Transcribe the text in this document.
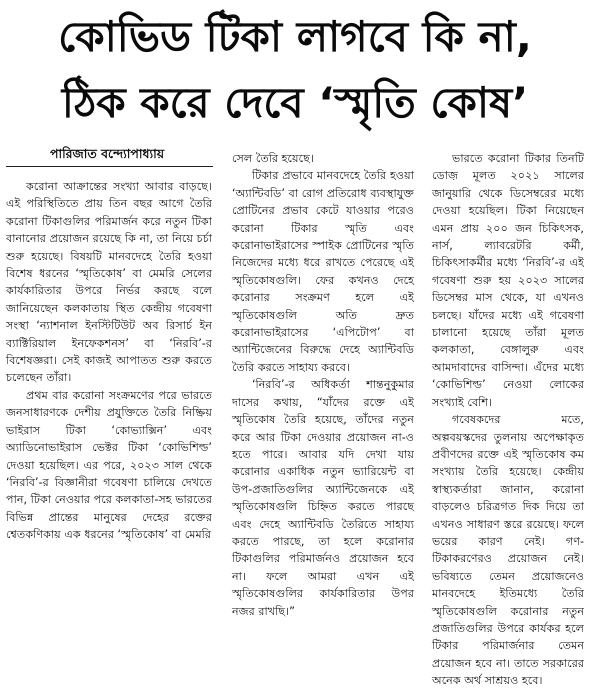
কোভিড টিকা লাগবে কি না,
ঠিক করে দেবে ‘স্মৃতি কোষ’
পারিজাত বন্দ্যোপাধ্যায়

করোনা আক্রান্তের সংখ্যা আবার বাড়ছে। এই পরিস্থিতিতে প্রায় তিন বছর আগে তৈরি করোনা টিকাগুলির পরিমার্জন করে নতুন টিকা বানানোর প্রয়োজন রয়েছে কি না, তা নিয়ে চর্চা শুরু হয়েছে। বিষয়টি মানবদেহে তৈরি হওয়া বিশেষ ধরনের ‘স্মৃতিকোষ’ বা মেমরি সেলের কার্যকারিতার উপরে নির্ভর করছে বলে জানিয়েছেন কলকাতায় স্থিত কেন্দ্রীয় গবেষণা সংস্থা ‘ন্যাশনাল ইনস্টিটিউট অব রিসার্চ ইন ব্যাক্টিরিয়াল ইনফেকশনস’ বা ‘নিরবি’-র বিশেষজ্ঞরা। সেই কাজই আপাতত শুরু করতে চলেছেন তাঁরা।

প্রথম বার করোনা সংক্রমণের পরে ভারতে জনসাধারণকে দেশীয় প্রযুক্তিতে তৈরি নিষ্ক্রিয় ভাইরাস টিকা ‘কোভ্যাক্সিন’ এবং অ্যাডিনোভাইরাস ভেক্টর টিকা ‘কোভিশিল্ড’ দেওয়া হয়েছিল। এর পরে, ২০২৩ সাল থেকে ‘নিরবি’-র বিজ্ঞানীরা গবেষণা চালিয়ে দেখতে পান, টিকা নেওয়ার পরে কলকাতা-সহ ভারতের বিভিন্ন প্রান্তের মানুষের দেহের রক্তের শ্বেতকণিকায় এক ধরনের ‘স্মৃতিকোষ’ বা মেমরি

সেল তৈরি হয়েছে।

টিকার প্রভাবে মানবদেহে তৈরি হওয়া ‘অ্যান্টিবডি’ বা রোগ প্রতিরোধ ব্যবস্থাযুক্ত প্রোটিনের প্রভাব কেটে যাওয়ার পরেও করোনা টিকার স্মৃতি এবং করোনাভাইরাসের স্পাইক প্রোটিনের স্মৃতি নিজেদের মধ্যে ধরে রাখতে পেরেছে এই স্মৃতিকোষগুলি। ফের কখনও দেহে করোনার সংক্রমণ হলে এই স্মৃতিকোষগুলি অতি দ্রুত করোনাভাইরাসের ‘এপিটোপ’ বা অ্যান্টিজেনের বিরুদ্ধে দেহে অ্যান্টিবডি তৈরি করতে সাহায্য করবে।

‘নিরবি’-র অধিকর্তা শান্তনুকুমার দাসের কথায়, “যাঁদের রক্তে এই স্মৃতিকোষ তৈরি হয়েছে, তাঁদের নতুন করে আর টিকা দেওয়ার প্রয়োজন না-ও হতে পারে। আবার যদি দেখা যায় করোনার একাধিক নতুন ভ্যারিয়েন্ট বা উপ-প্রজাতিগুলির অ্যান্টিজেনকে এই স্মৃতিকোষগুলি চিহ্নিত করতে পারছে এবং দেহে অ্যান্টিবডি তৈরিতে সাহায্য করতে পারছে, তা হলে করোনার টিকাগুলির পরিমার্জনও প্রয়োজন হবে না। ফলে আমরা এখন এই স্মৃতিকোষগুলির কার্যকারিতার উপর নজর রাখছি।”

ভারতে করোনা টিকার তিনটি ডোজ় মূলত ২০২১ সালের জানুয়ারি থেকে ডিসেম্বরের মধ্যে দেওয়া হয়েছিল। টিকা নিয়েছেন এমন প্রায় ২০০ জন চিকিৎসক, নার্স, ল্যাবরেটরি কর্মী, চিকিৎসাকর্মীর মধ্যে ‘নিরবি’-র এই গবেষণা শুরু হয় ২০২৩ সালের ডিসেম্বর মাস থেকে, যা এখনও চলছে। যাঁদের মধ্যে এই গবেষণা চালানো হয়েছে তাঁরা মূলত কলকাতা, বেঙ্গালুরু এবং আমদাবাদের বাসিন্দা। এঁদের মধ্যে ‘কোভিশিল্ড’ নেওয়া লোকের সংখ্যাই বেশি।

গবেষকদের মতে, অল্পবয়স্কদের তুলনায় অপেক্ষাকৃত প্রবীণদের রক্তে এই স্মৃতিকোষ কম সংখ্যায় তৈরি হয়েছে। কেন্দ্রীয় স্বাস্থ্যকর্তারা জানান, করোনা বাড়লেও চরিত্রগত দিক দিয়ে তা এখনও সাধারণ স্তরে রয়েছে। ফলে ভয়ের কারণ নেই। গণ-টিকাকরণেরও প্রয়োজন নেই। ভবিষ্যতে তেমন প্রয়োজনেও মানবদেহে ইতিমধ্যে তৈরি স্মৃতিকোষগুলি করোনার নতুন প্রজাতিগুলির উপরে কার্যকর হলে টিকার পরিমার্জনার তেমন প্রয়োজন হবে না। তাতে সরকারের অনেক অর্থ সাশ্রয়ও হবে।
